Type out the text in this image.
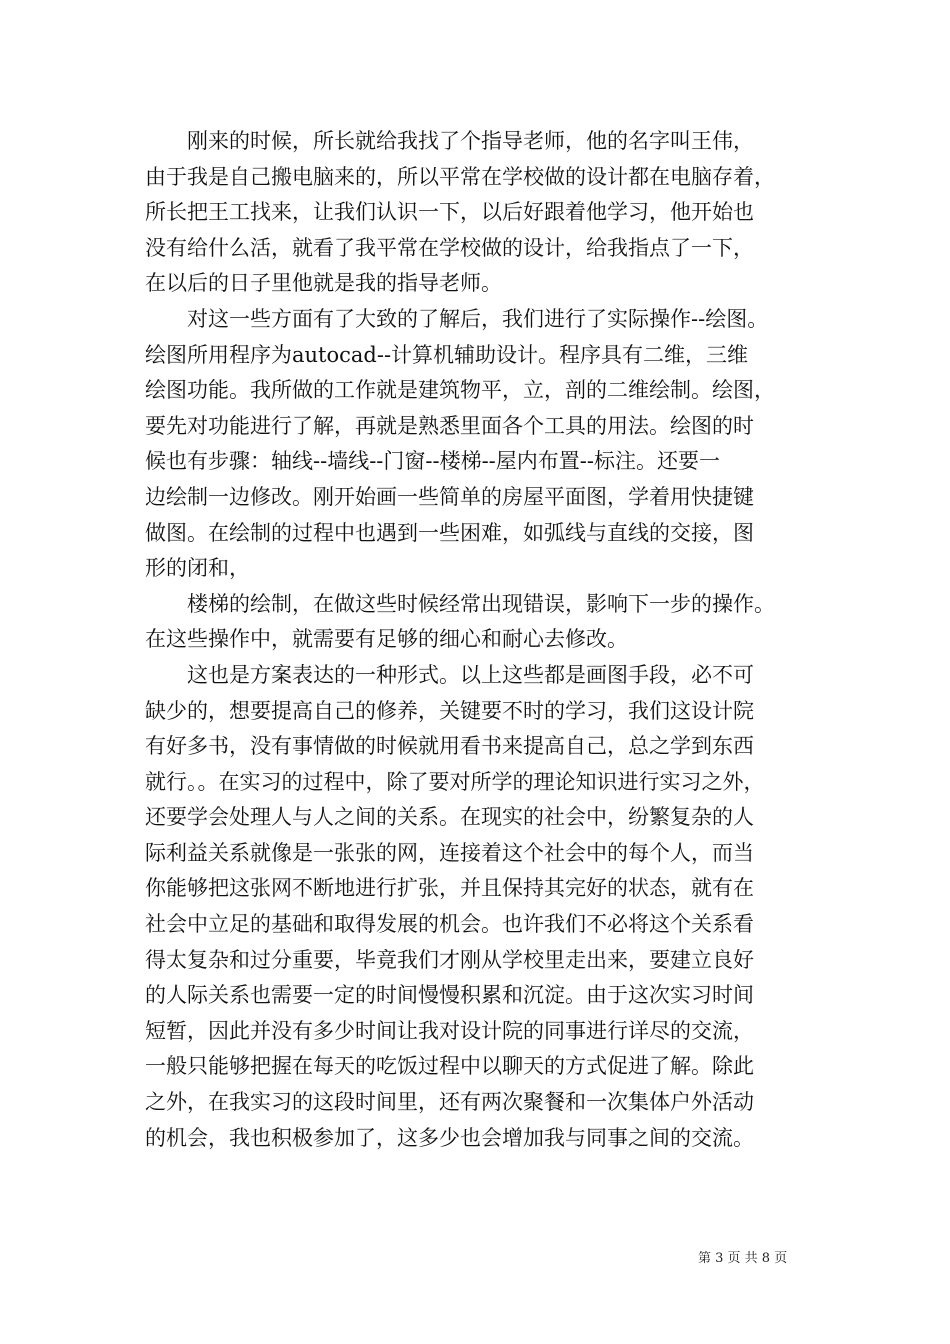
刚来的时候，所长就给我找了个指导老师，他的名字叫王伟，
由于我是自己搬电脑来的，所以平常在学校做的设计都在电脑存着，
所长把王工找来，让我们认识一下，以后好跟着他学习，他开始也
没有给什么活，就看了我平常在学校做的设计，给我指点了一下，
在以后的日子里他就是我的指导老师。
对这一些方面有了大致的了解后，我们进行了实际操作--绘图。
绘图所用程序为autocad--计算机辅助设计。程序具有二维，三维
绘图功能。我所做的工作就是建筑物平，立，剖的二维绘制。绘图，
要先对功能进行了解，再就是熟悉里面各个工具的用法。绘图的时
候也有步骤：轴线--墙线--门窗--楼梯--屋内布置--标注。还要一
边绘制一边修改。刚开始画一些简单的房屋平面图，学着用快捷键
做图。在绘制的过程中也遇到一些困难，如弧线与直线的交接，图
形的闭和，
楼梯的绘制，在做这些时候经常出现错误，影响下一步的操作。
在这些操作中，就需要有足够的细心和耐心去修改。
这也是方案表达的一种形式。以上这些都是画图手段，必不可
缺少的，想要提高自己的修养，关键要不时的学习，我们这设计院
有好多书，没有事情做的时候就用看书来提高自己，总之学到东西
就行。。在实习的过程中，除了要对所学的理论知识进行实习之外，
还要学会处理人与人之间的关系。在现实的社会中，纷繁复杂的人
际利益关系就像是一张张的网，连接着这个社会中的每个人，而当
你能够把这张网不断地进行扩张，并且保持其完好的状态，就有在
社会中立足的基础和取得发展的机会。也许我们不必将这个关系看
得太复杂和过分重要，毕竟我们才刚从学校里走出来，要建立良好
的人际关系也需要一定的时间慢慢积累和沉淀。由于这次实习时间
短暂，因此并没有多少时间让我对设计院的同事进行详尽的交流，
一般只能够把握在每天的吃饭过程中以聊天的方式促进了解。除此
之外，在我实习的这段时间里，还有两次聚餐和一次集体户外活动
的机会，我也积极参加了，这多少也会增加我与同事之间的交流。
第 3 页 共 8 页
